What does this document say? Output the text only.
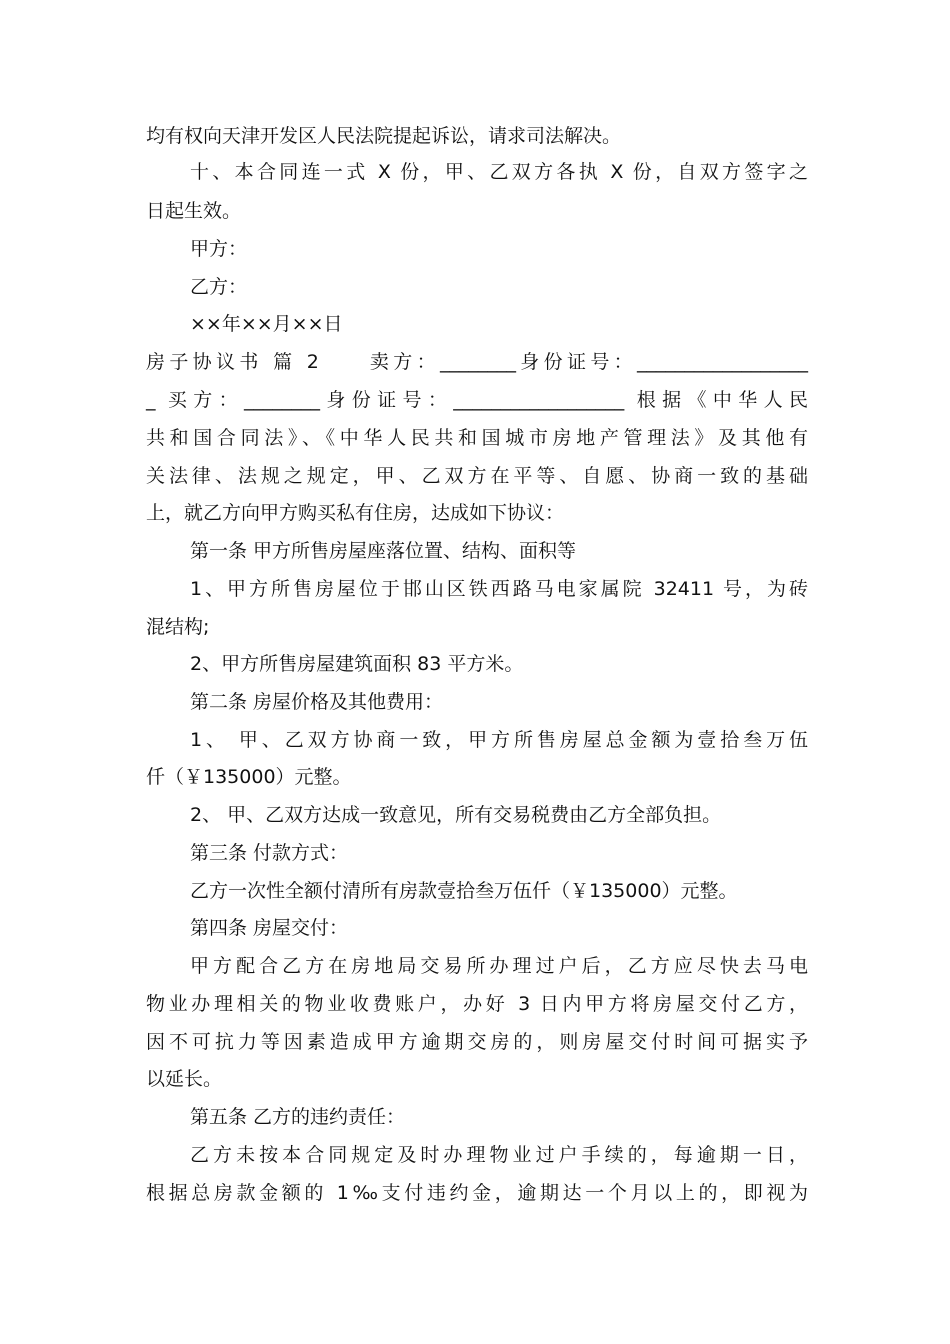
均有权向天津开发区人民法院提起诉讼，请求司法解决。
十、本合同连一式 X 份，甲、乙双方各执 X 份，自双方签字之
日起生效。
甲方：
乙方：
××年××月××日
房子协议书 篇 2　　卖方：________身份证号：__________________
_ 买方：________身份证号：__________________ 根据《中华人民
共和国合同法》、《中华人民共和国城市房地产管理法》及其他有
关法律、法规之规定，甲、乙双方在平等、自愿、协商一致的基础
上，就乙方向甲方购买私有住房，达成如下协议：
第一条 甲方所售房屋座落位置、结构、面积等
1、甲方所售房屋位于邯山区铁西路马电家属院 32411 号，为砖
混结构;
2、甲方所售房屋建筑面积 83 平方米。
第二条 房屋价格及其他费用：
1、 甲、乙双方协商一致，甲方所售房屋总金额为壹拾叁万伍
仟（￥135000）元整。
2、 甲、乙双方达成一致意见，所有交易税费由乙方全部负担。
第三条 付款方式：
乙方一次性全额付清所有房款壹拾叁万伍仟（￥135000）元整。
第四条 房屋交付：
甲方配合乙方在房地局交易所办理过户后，乙方应尽快去马电
物业办理相关的物业收费账户，办好 3 日内甲方将房屋交付乙方，
因不可抗力等因素造成甲方逾期交房的，则房屋交付时间可据实予
以延长。
第五条 乙方的违约责任：
乙方未按本合同规定及时办理物业过户手续的，每逾期一日，
根据总房款金额的 1‰支付违约金，逾期达一个月以上的，即视为
